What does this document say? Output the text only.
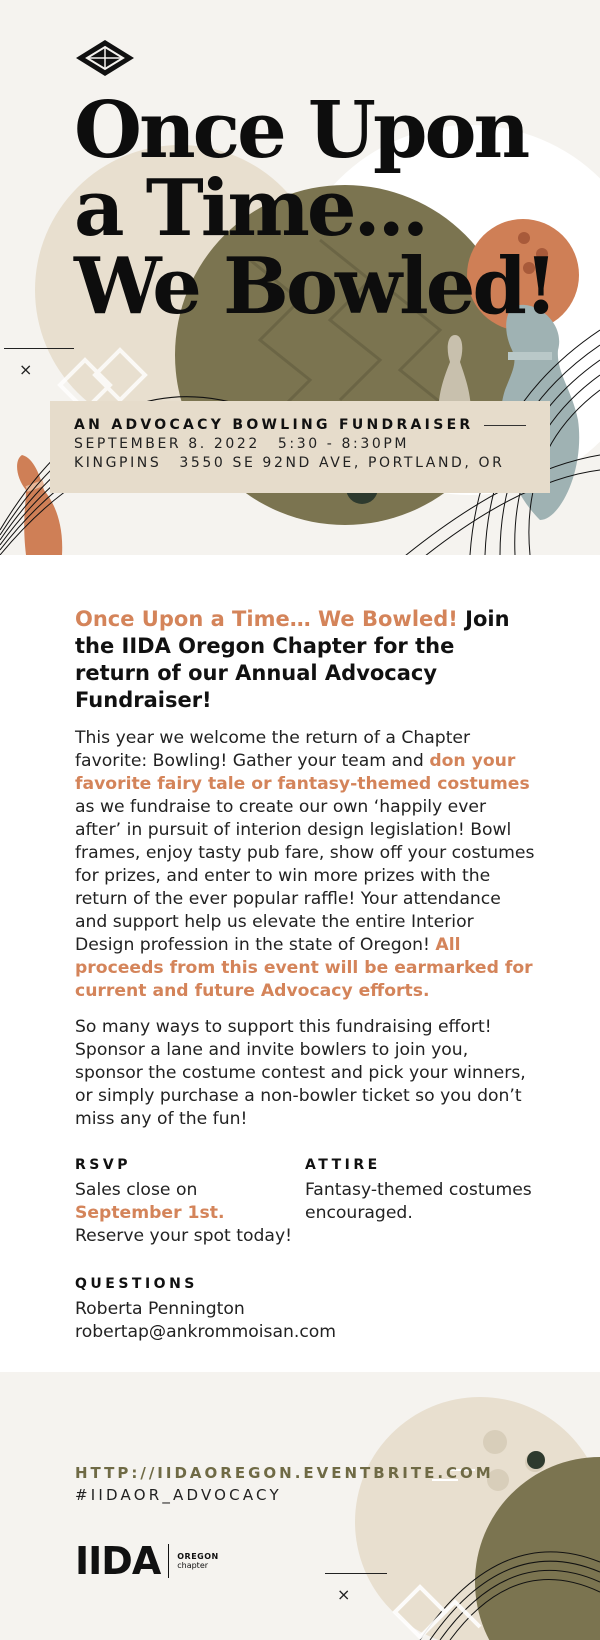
Once Upon
a Time...
We Bowled!
×
AN ADVOCACY BOWLING FUNDRAISER
SEPTEMBER 8. 2022 5:30 - 8:30PM
KINGPINS 3550 SE 92ND AVE, PORTLAND, OR

Once Upon a Time… We Bowled! Join the IIDA Oregon Chapter for the return of our Annual Advocacy Fundraiser!

This year we welcome the return of a Chapter favorite: Bowling! Gather your team and don your favorite fairy tale or fantasy-themed costumes as we fundraise to create our own ‘happily ever after’ in pursuit of interion design legislation! Bowl frames, enjoy tasty pub fare, show off your costumes for prizes, and enter to win more prizes with the return of the ever popular raffle! Your attendance and support help us elevate the entire Interior Design profession in the state of Oregon! All proceeds from this event will be earmarked for current and future Advocacy efforts.

So many ways to support this fundraising effort! Sponsor a lane and invite bowlers to join you, sponsor the costume contest and pick your winners, or simply purchase a non-bowler ticket so you don’t miss any of the fun!

RSVP

Sales close on
September 1st.
Reserve your spot today!

ATTIRE

Fantasy-themed costumes encouraged.

QUESTIONS

Roberta Pennington
robertap@ankrommoisan.com

HTTP://IIDAOREGON.EVENTBRITE.COM
#IIDAOR_ADVOCACY
×
IIDA OREGON
chapter
